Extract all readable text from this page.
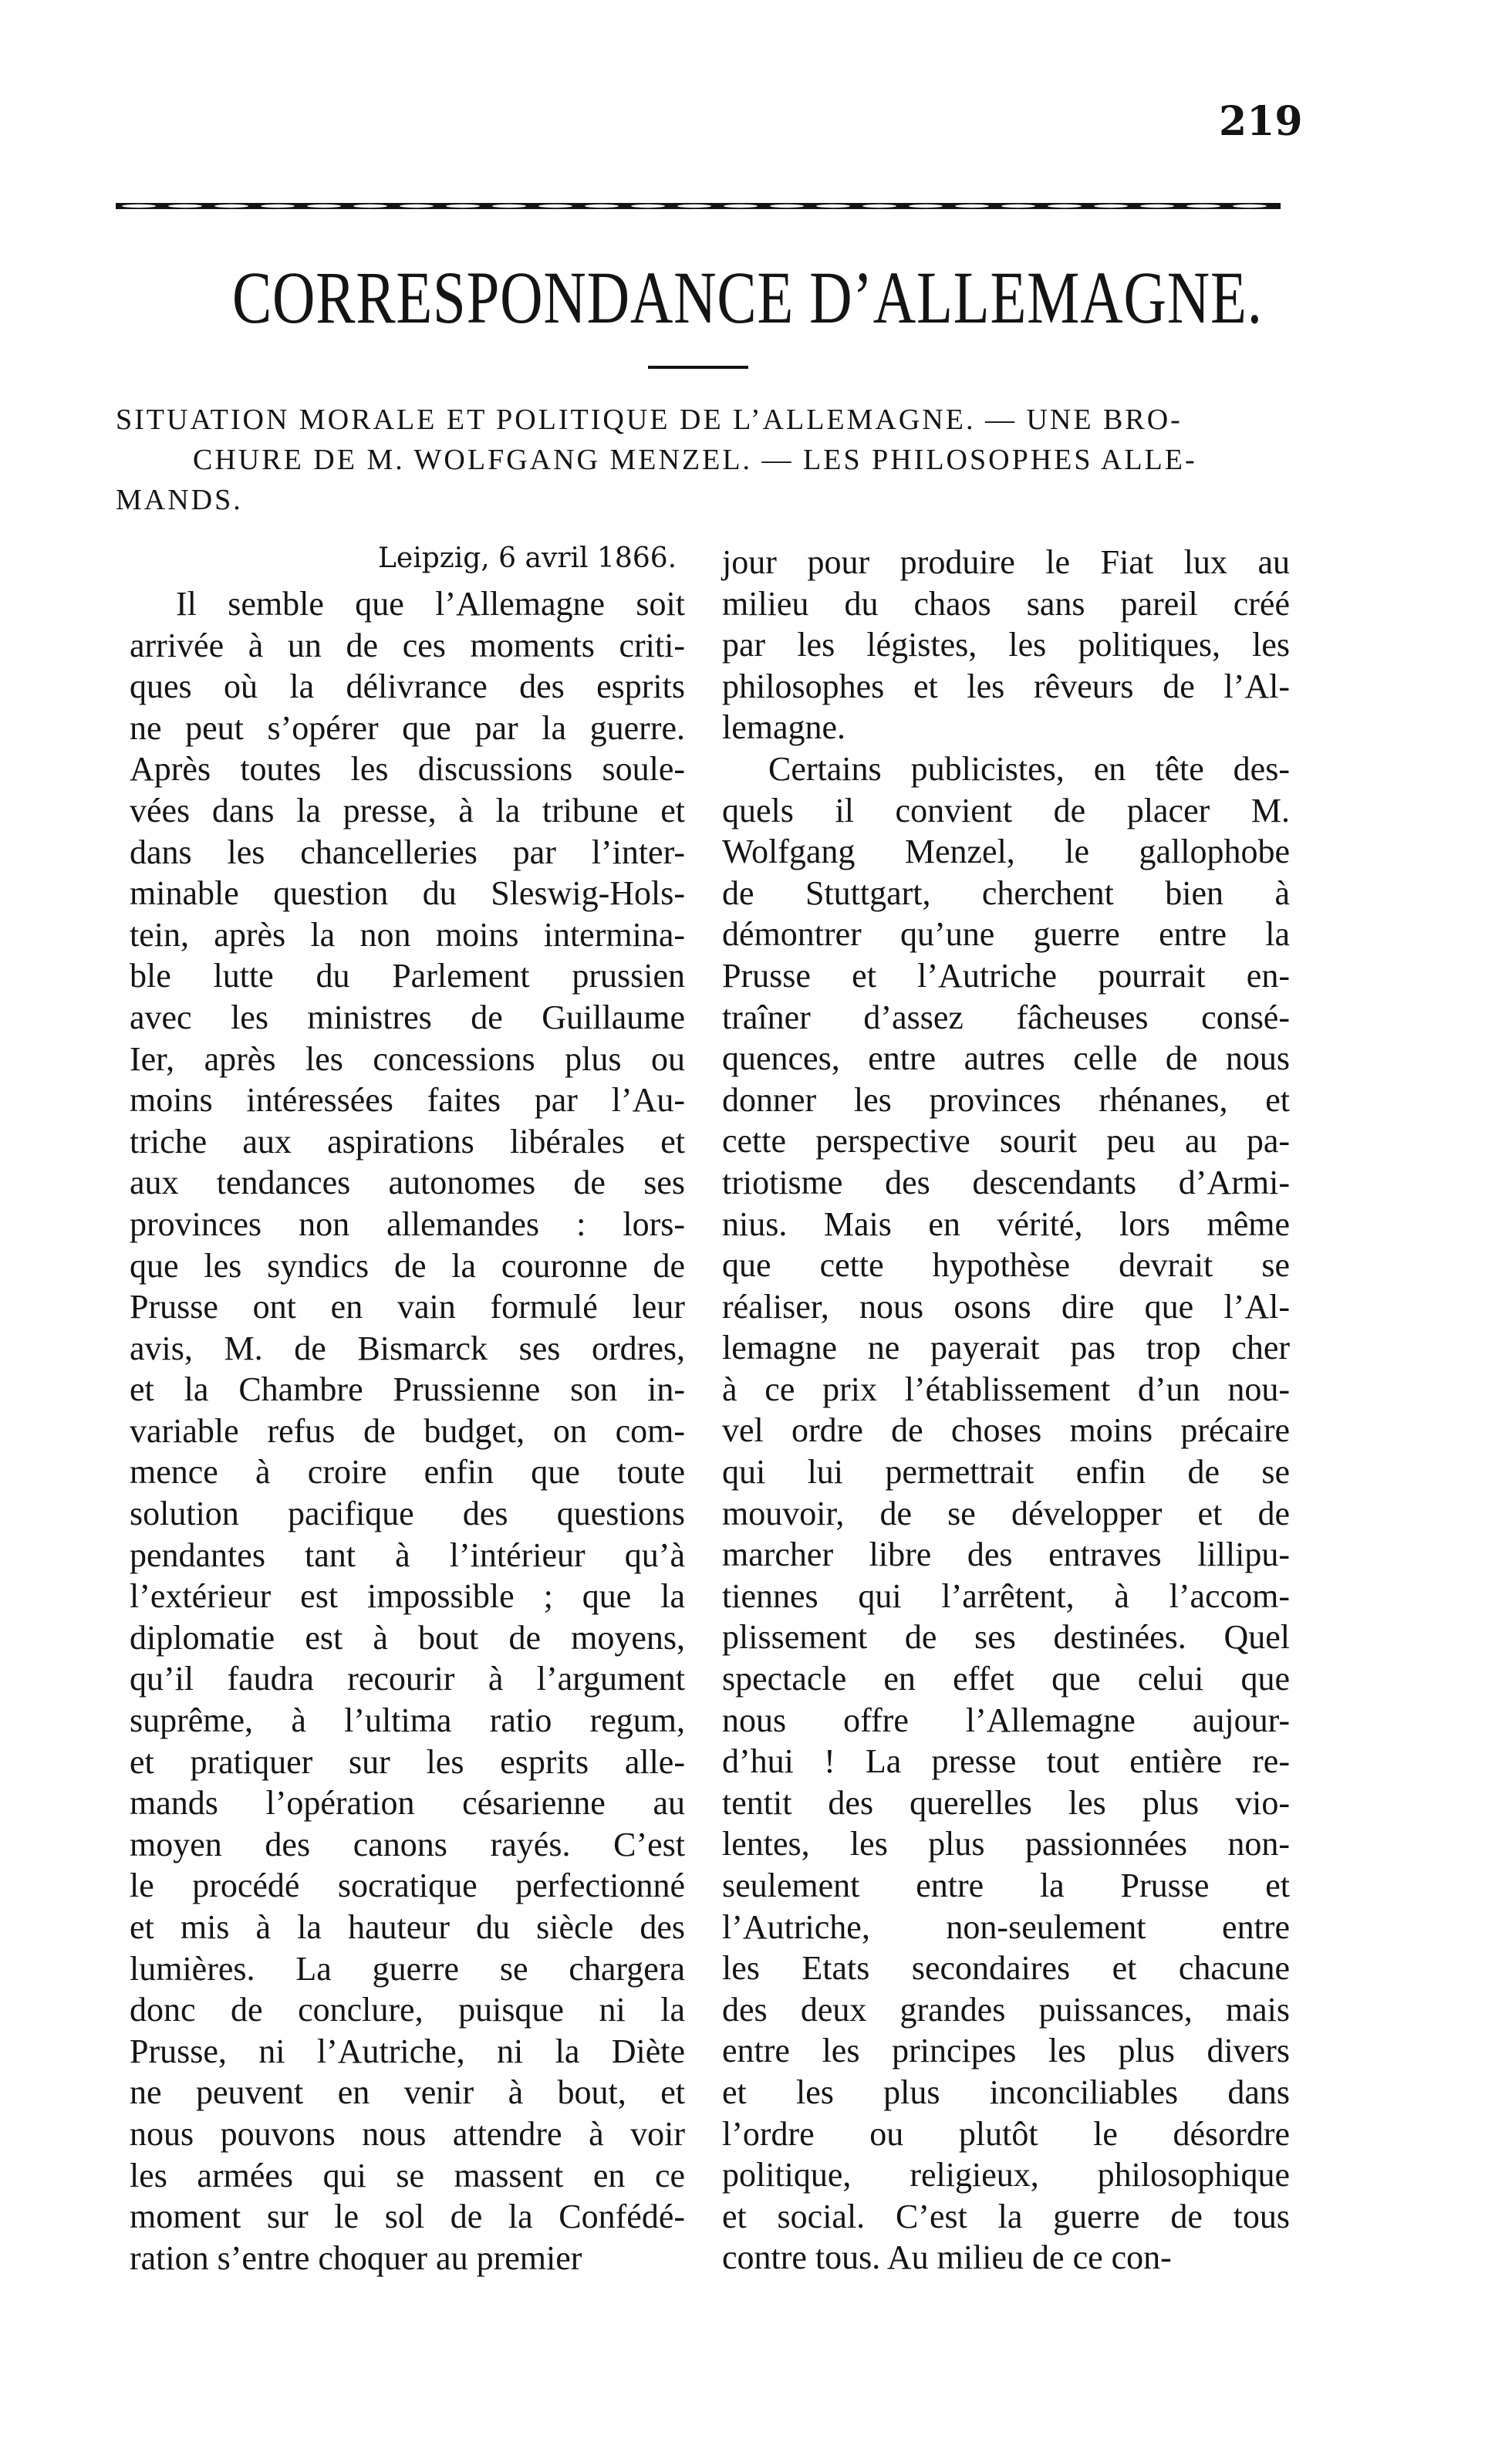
219
CORRESPONDANCE D’ALLEMAGNE.
SITUATION MORALE ET POLITIQUE DE L’ALLEMAGNE. — UNE BRO-
CHURE DE M. WOLFGANG MENZEL. — LES PHILOSOPHES ALLE-
MANDS.
Leipzig, 6 avril 1866.
Il semble que l’Allemagne soit
arrivée à un de ces moments criti-
ques où la délivrance des esprits
ne peut s’opérer que par la guerre.
Après toutes les discussions soule-
vées dans la presse, à la tribune et
dans les chancelleries par l’inter-
minable question du Sleswig-Hols-
tein, après la non moins intermina-
ble lutte du Parlement prussien
avec les ministres de Guillaume
Ier, après les concessions plus ou
moins intéressées faites par l’Au-
triche aux aspirations libérales et
aux tendances autonomes de ses
provinces non allemandes : lors-
que les syndics de la couronne de
Prusse ont en vain formulé leur
avis, M. de Bismarck ses ordres,
et la Chambre Prussienne son in-
variable refus de budget, on com-
mence à croire enfin que toute
solution pacifique des questions
pendantes tant à l’intérieur qu’à
l’extérieur est impossible ; que la
diplomatie est à bout de moyens,
qu’il faudra recourir à l’argument
suprême, à l’ultima ratio regum,
et pratiquer sur les esprits alle-
mands l’opération césarienne au
moyen des canons rayés. C’est
le procédé socratique perfectionné
et mis à la hauteur du siècle des
lumières. La guerre se chargera
donc de conclure, puisque ni la
Prusse, ni l’Autriche, ni la Diète
ne peuvent en venir à bout, et
nous pouvons nous attendre à voir
les armées qui se massent en ce
moment sur le sol de la Confédé-
ration s’entre choquer au premier
jour pour produire le Fiat lux au
milieu du chaos sans pareil créé
par les légistes, les politiques, les
philosophes et les rêveurs de l’Al-
lemagne.
Certains publicistes, en tête des-
quels il convient de placer M.
Wolfgang Menzel, le gallophobe
de Stuttgart, cherchent bien à
démontrer qu’une guerre entre la
Prusse et l’Autriche pourrait en-
traîner d’assez fâcheuses consé-
quences, entre autres celle de nous
donner les provinces rhénanes, et
cette perspective sourit peu au pa-
triotisme des descendants d’Armi-
nius. Mais en vérité, lors même
que cette hypothèse devrait se
réaliser, nous osons dire que l’Al-
lemagne ne payerait pas trop cher
à ce prix l’établissement d’un nou-
vel ordre de choses moins précaire
qui lui permettrait enfin de se
mouvoir, de se développer et de
marcher libre des entraves lillipu-
tiennes qui l’arrêtent, à l’accom-
plissement de ses destinées. Quel
spectacle en effet que celui que
nous offre l’Allemagne aujour-
d’hui ! La presse tout entière re-
tentit des querelles les plus vio-
lentes, les plus passionnées non-
seulement entre la Prusse et
l’Autriche, non-seulement entre
les Etats secondaires et chacune
des deux grandes puissances, mais
entre les principes les plus divers
et les plus inconciliables dans
l’ordre ou plutôt le désordre
politique, religieux, philosophique
et social. C’est la guerre de tous
contre tous. Au milieu de ce con-
